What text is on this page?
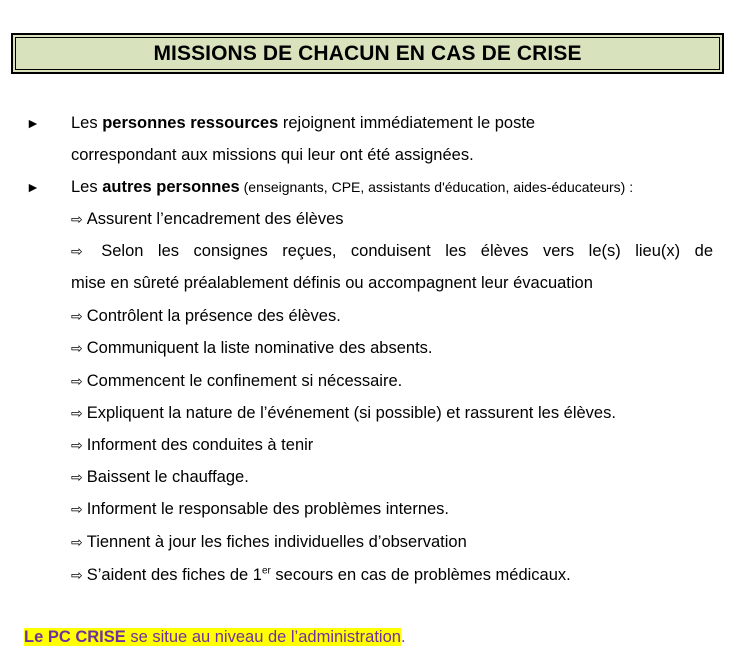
MISSIONS DE CHACUN EN CAS DE CRISE
► Les personnes ressources rejoignent immédiatement le poste
correspondant aux missions qui leur ont été assignées.
► Les autres personnes (enseignants, CPE, assistants d'éducation, aides-éducateurs) :
⇨ Assurent l’encadrement des élèves
⇨ Selon les consignes reçues, conduisent les élèves vers le(s) lieu(x) de
mise en sûreté préalablement définis ou accompagnent leur évacuation
⇨ Contrôlent la présence des élèves.
⇨ Communiquent la liste nominative des absents.
⇨ Commencent le confinement si nécessaire.
⇨ Expliquent la nature de l’événement (si possible) et rassurent les élèves.
⇨ Informent des conduites à tenir
⇨ Baissent le chauffage.
⇨ Informent le responsable des problèmes internes.
⇨ Tiennent à jour les fiches individuelles d’observation
⇨ S’aident des fiches de 1er secours en cas de problèmes médicaux.
Le PC CRISE se situe au niveau de l’administration.
